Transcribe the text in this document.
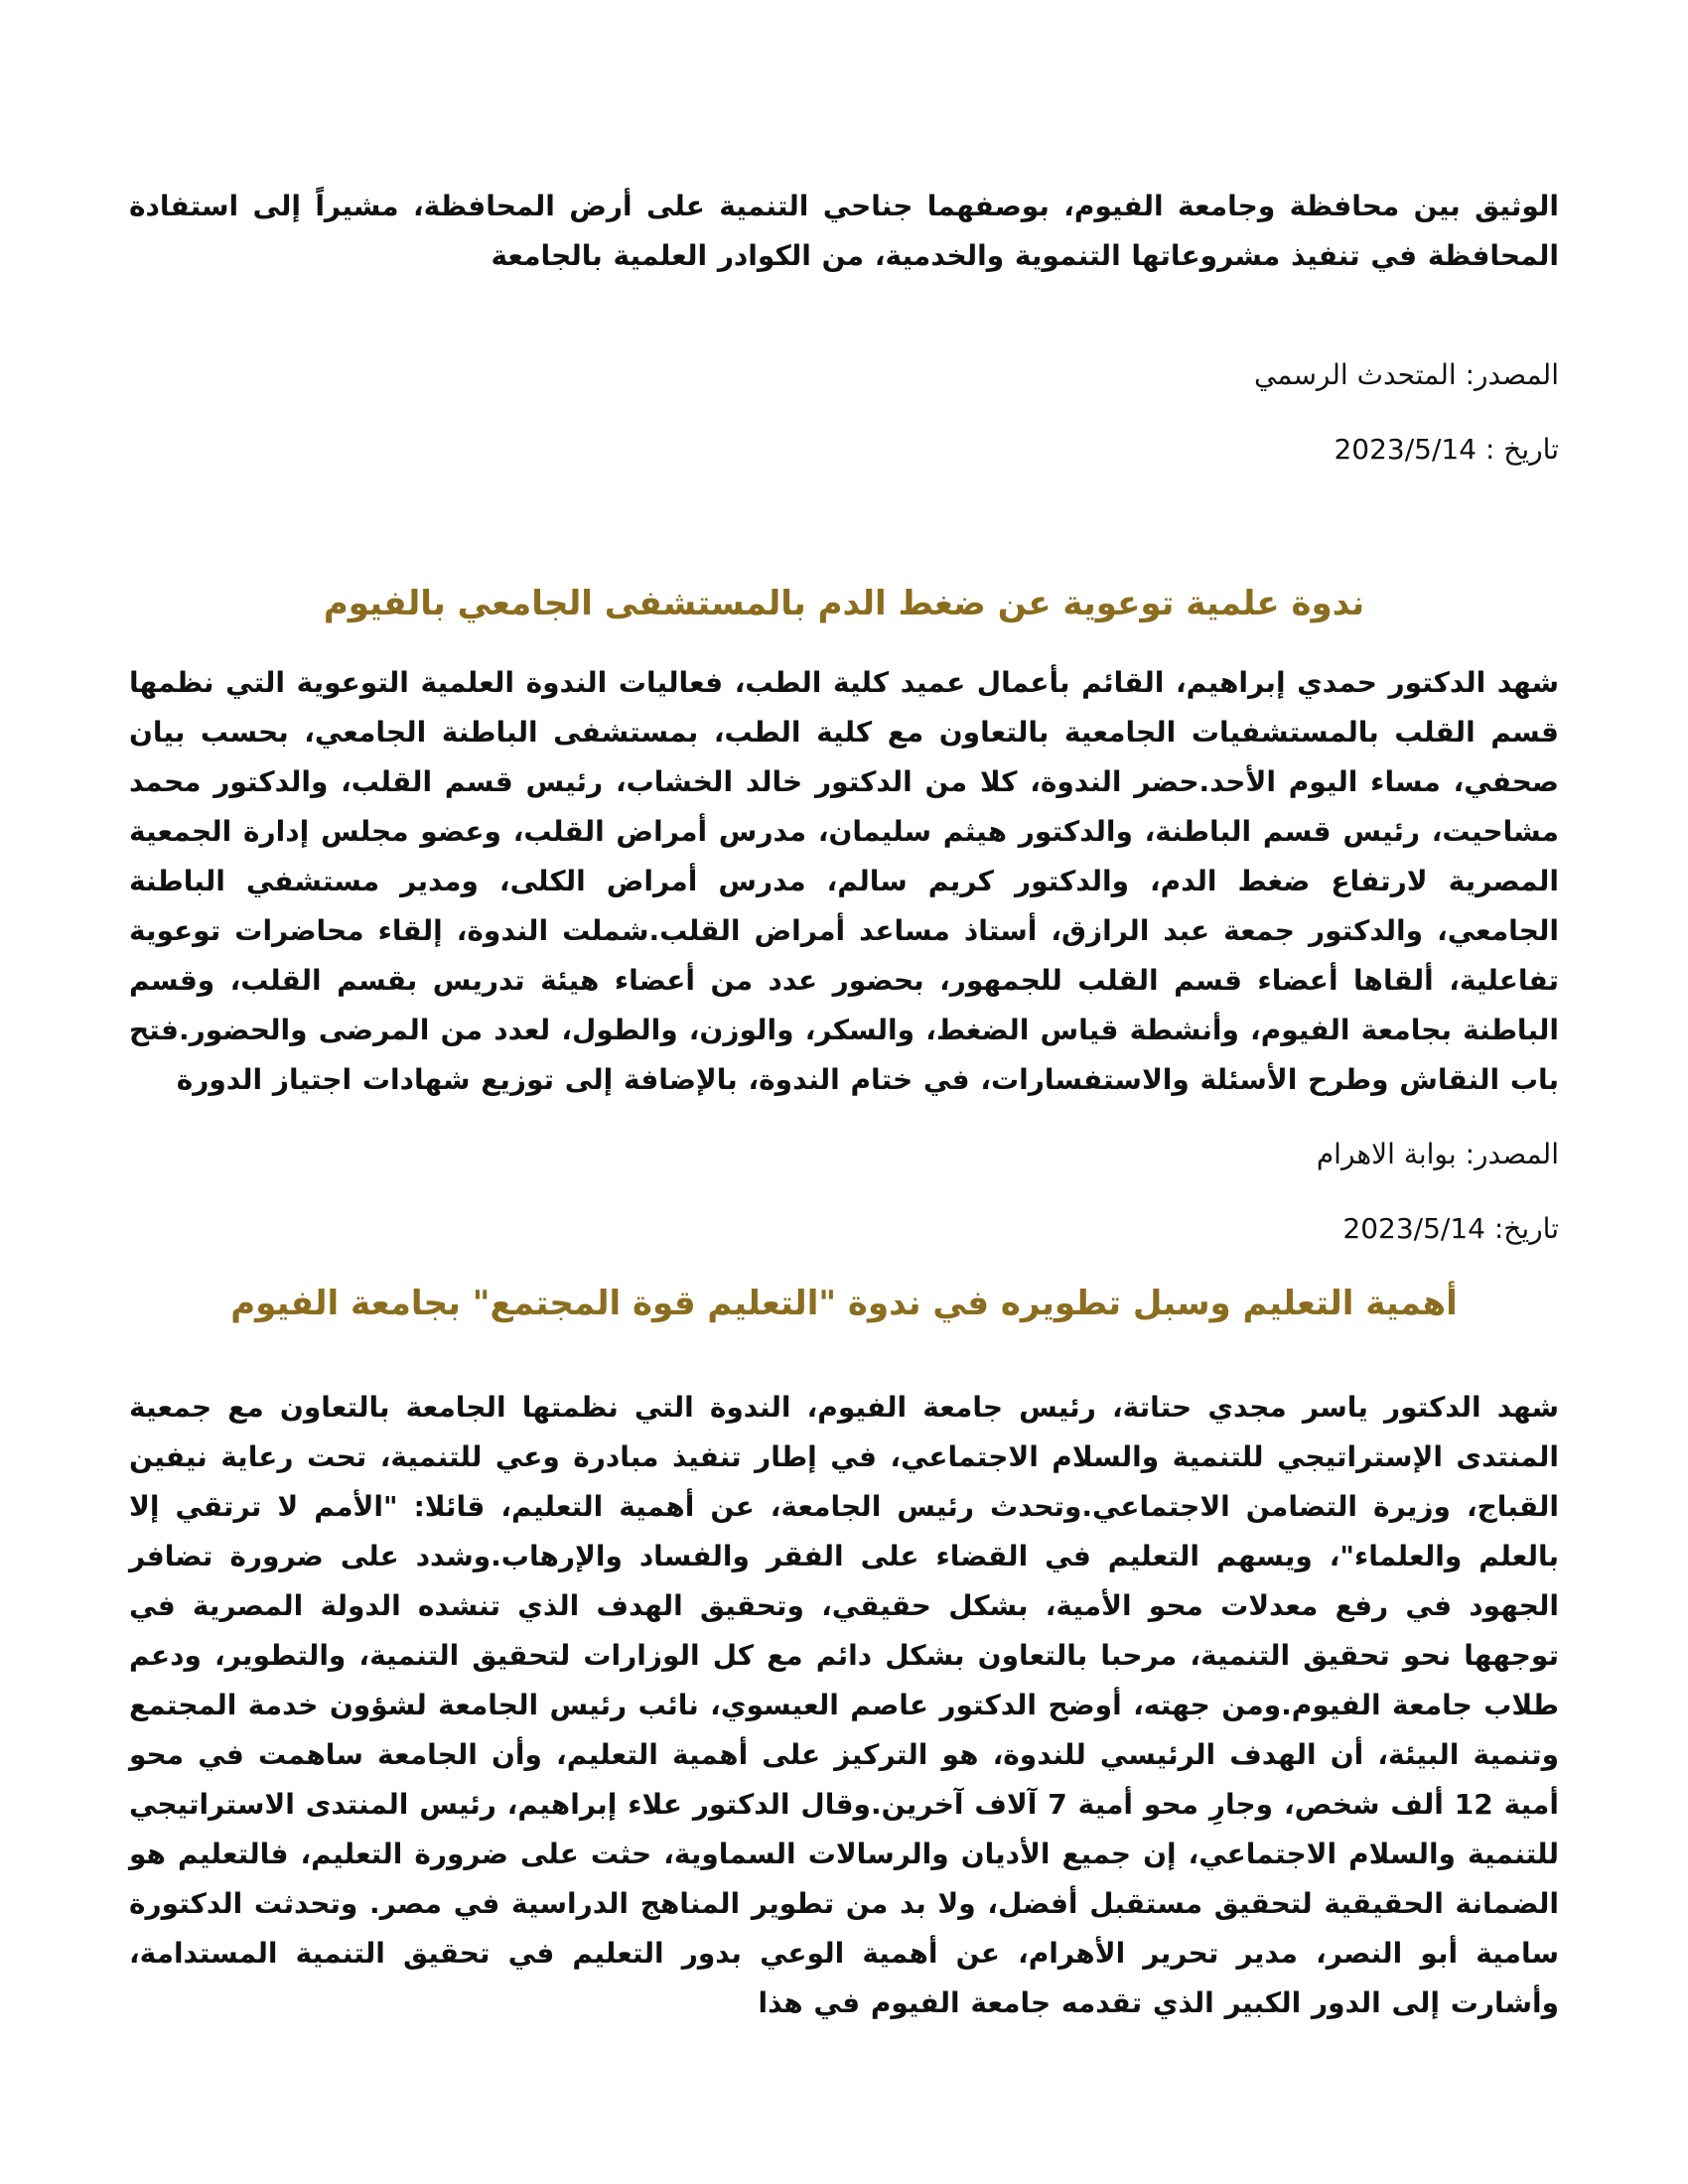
الوثيق بين محافظة وجامعة الفيوم، بوصفهما جناحي التنمية على أرض المحافظة، مشيراً إلى استفادة المحافظة في تنفيذ مشروعاتها التنموية والخدمية، من الكوادر العلمية بالجامعة

المصدر: المتحدث الرسمي

تاريخ : 2023/5/14

ندوة علمية توعوية عن ضغط الدم بالمستشفى الجامعي بالفيوم

شهد الدكتور حمدي إبراهيم، القائم بأعمال عميد كلية الطب، فعاليات الندوة العلمية التوعوية التي نظمها قسم القلب بالمستشفيات الجامعية بالتعاون مع كلية الطب، بمستشفى الباطنة الجامعي، بحسب بيان صحفي، مساء اليوم الأحد.حضر الندوة، كلا من الدكتور خالد الخشاب، رئيس قسم القلب، والدكتور محمد مشاحيت، رئيس قسم الباطنة، والدكتور هيثم سليمان، مدرس أمراض القلب، وعضو مجلس إدارة الجمعية المصرية لارتفاع ضغط الدم، والدكتور كريم سالم، مدرس أمراض الكلى، ومدير مستشفي الباطنة الجامعي، والدكتور جمعة عبد الرازق، أستاذ مساعد أمراض القلب.شملت الندوة، إلقاء محاضرات توعوية تفاعلية، ألقاها أعضاء قسم القلب للجمهور، بحضور عدد من أعضاء هيئة تدريس بقسم القلب، وقسم الباطنة بجامعة الفيوم، وأنشطة قياس الضغط، والسكر، والوزن، والطول، لعدد من المرضى والحضور.فتح باب النقاش وطرح الأسئلة والاستفسارات، في ختام الندوة، بالإضافة إلى توزيع شهادات اجتياز الدورة

المصدر: بوابة الاهرام

تاريخ: 2023/5/14

أهمية التعليم وسبل تطويره في ندوة "التعليم قوة المجتمع" بجامعة الفيوم

شهد الدكتور ياسر مجدي حتاتة، رئيس جامعة الفيوم، الندوة التي نظمتها الجامعة بالتعاون مع جمعية المنتدى الإستراتيجي للتنمية والسلام الاجتماعي، في إطار تنفيذ مبادرة وعي للتنمية، تحت رعاية نيفين القباج، وزيرة التضامن الاجتماعي.وتحدث رئيس الجامعة، عن أهمية التعليم، قائلا: "الأمم لا ترتقي إلا بالعلم والعلماء"، ويسهم التعليم في القضاء على الفقر والفساد والإرهاب.وشدد على ضرورة تضافر الجهود في رفع معدلات محو الأمية، بشكل حقيقي، وتحقيق الهدف الذي تنشده الدولة المصرية في توجهها نحو تحقيق التنمية، مرحبا بالتعاون بشكل دائم مع كل الوزارات لتحقيق التنمية، والتطوير، ودعم طلاب جامعة الفيوم.ومن جهته، أوضح الدكتور عاصم العيسوي، نائب رئيس الجامعة لشؤون خدمة المجتمع وتنمية البيئة، أن الهدف الرئيسي للندوة، هو التركيز على أهمية التعليم، وأن الجامعة ساهمت في محو أمية 12 ألف شخص، وجارِ محو أمية 7 آلاف آخرين.وقال الدكتور علاء إبراهيم، رئيس المنتدى الاستراتيجي للتنمية والسلام الاجتماعي، إن جميع الأديان والرسالات السماوية، حثت على ضرورة التعليم، فالتعليم هو الضمانة الحقيقية لتحقيق مستقبل أفضل، ولا بد من تطوير المناهج الدراسية في مصر. وتحدثت الدكتورة سامية أبو النصر، مدير تحرير الأهرام، عن أهمية الوعي بدور التعليم في تحقيق التنمية المستدامة، وأشارت إلى الدور الكبير الذي تقدمه جامعة الفيوم في هذا
